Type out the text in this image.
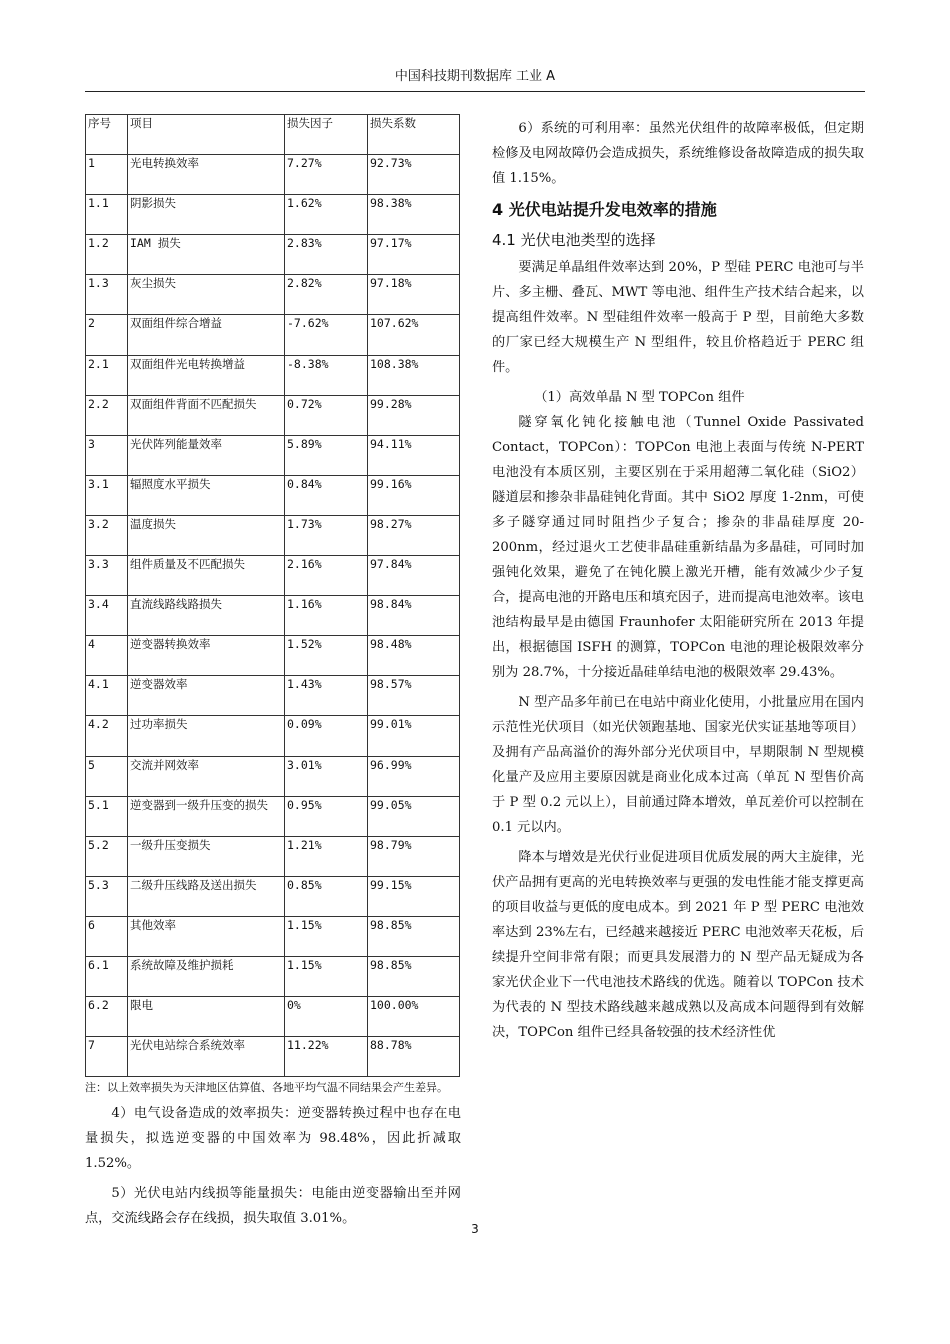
中国科技期刊数据库 工业 A
序号	项目	损失因子	损失系数
1	光电转换效率	7.27%	92.73%
1.1	阴影损失	1.62%	98.38%
1.2	IAM 损失	2.83%	97.17%
1.3	灰尘损失	2.82%	97.18%
2	双面组件综合增益	-7.62%	107.62%
2.1	双面组件光电转换增益	-8.38%	108.38%
2.2	双面组件背面不匹配损失	0.72%	99.28%
3	光伏阵列能量效率	5.89%	94.11%
3.1	辐照度水平损失	0.84%	99.16%
3.2	温度损失	1.73%	98.27%
3.3	组件质量及不匹配损失	2.16%	97.84%
3.4	直流线路线路损失	1.16%	98.84%
4	逆变器转换效率	1.52%	98.48%
4.1	逆变器效率	1.43%	98.57%
4.2	过功率损失	0.09%	99.01%
5	交流并网效率	3.01%	96.99%
5.1	逆变器到一级升压变的损失	0.95%	99.05%
5.2	一级升压变损失	1.21%	98.79%
5.3	二级升压线路及送出损失	0.85%	99.15%
6	其他效率	1.15%	98.85%
6.1	系统故障及维护损耗	1.15%	98.85%
6.2	限电	0%	100.00%
7	光伏电站综合系统效率	11.22%	88.78%
注：以上效率损失为天津地区估算值、各地平均气温不同结果会产生差异。

4）电气设备造成的效率损失：逆变器转换过程中也存在电量损失，拟选逆变器的中国效率为 98.48%，因此折减取 1.52%。

5）光伏电站内线损等能量损失：电能由逆变器输出至并网点，交流线路会存在线损，损失取值 3.01%。

6）系统的可利用率：虽然光伏组件的故障率极低，但定期检修及电网故障仍会造成损失，系统维修设备故障造成的损失取值 1.15%。

4 光伏电站提升发电效率的措施
4.1 光伏电池类型的选择

要满足单晶组件效率达到 20%，P 型硅 PERC 电池可与半片、多主栅、叠瓦、MWT 等电池、组件生产技术结合起来，以提高组件效率。N 型硅组件效率一般高于 P 型，目前绝大多数的厂家已经大规模生产 N 型组件，较且价格趋近于 PERC 组件。

（1）高效单晶 N 型 TOPCon 组件

隧穿氧化钝化接触电池（Tunnel Oxide Passivated Contact，TOPCon）：TOPCon 电池上表面与传统 N-PERT 电池没有本质区别，主要区别在于采用超薄二氧化硅（SiO2）隧道层和掺杂非晶硅钝化背面。其中 SiO2 厚度 1-2nm，可使多子隧穿通过同时阻挡少子复合；掺杂的非晶硅厚度 20-200nm，经过退火工艺使非晶硅重新结晶为多晶硅，可同时加强钝化效果，避免了在钝化膜上激光开槽，能有效减少少子复合，提高电池的开路电压和填充因子，进而提高电池效率。该电池结构最早是由德国 Fraunhofer 太阳能研究所在 2013 年提出，根据德国 ISFH 的测算，TOPCon 电池的理论极限效率分别为 28.7%，十分接近晶硅单结电池的极限效率 29.43%。

N 型产品多年前已在电站中商业化使用，小批量应用在国内示范性光伏项目（如光伏领跑基地、国家光伏实证基地等项目）及拥有产品高溢价的海外部分光伏项目中，早期限制 N 型规模化量产及应用主要原因就是商业化成本过高（单瓦 N 型售价高于 P 型 0.2 元以上），目前通过降本增效，单瓦差价可以控制在 0.1 元以内。

降本与增效是光伏行业促进项目优质发展的两大主旋律，光伏产品拥有更高的光电转换效率与更强的发电性能才能支撑更高的项目收益与更低的度电成本。到 2021 年 P 型 PERC 电池效率达到 23%左右，已经越来越接近 PERC 电池效率天花板，后续提升空间非常有限；而更具发展潜力的 N 型产品无疑成为各家光伏企业下一代电池技术路线的优选。随着以 TOPCon 技术为代表的 N 型技术路线越来越成熟以及高成本问题得到有效解决，TOPCon 组件已经具备较强的技术经济性优

3
